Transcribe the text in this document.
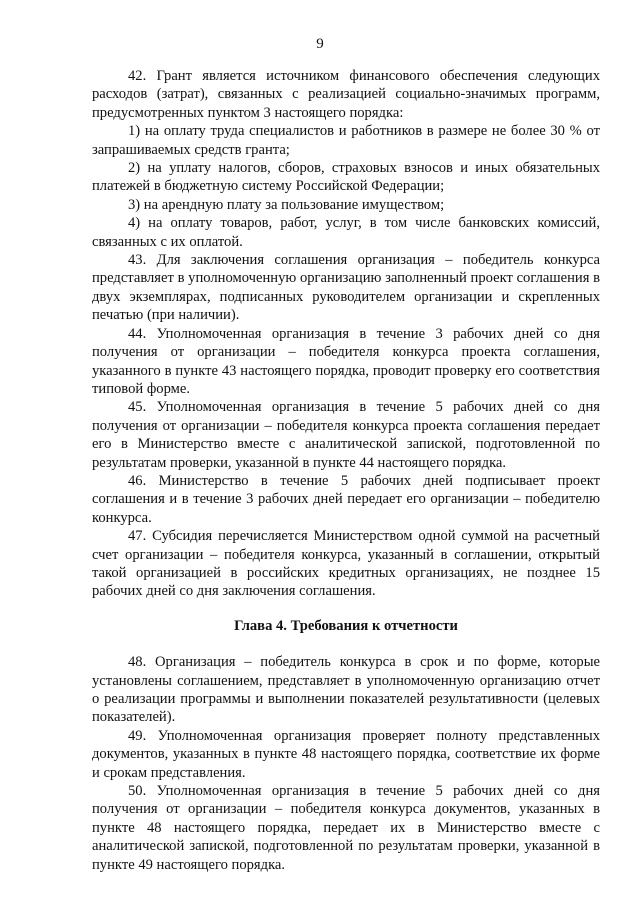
9

42. Грант является источником финансового обеспечения следующих расходов (затрат), связанных с реализацией социально-значимых программ, предусмотренных пунктом 3 настоящего порядка:

1) на оплату труда специалистов и работников в размере не более 30 % от запрашиваемых средств гранта;

2) на уплату налогов, сборов, страховых взносов и иных обязательных платежей в бюджетную систему Российской Федерации;

3) на арендную плату за пользование имуществом;

4) на оплату товаров, работ, услуг, в том числе банковских комиссий, связанных с их оплатой.

43. Для заключения соглашения организация – победитель конкурса представляет в уполномоченную организацию заполненный проект соглашения в двух экземплярах, подписанных руководителем организации и скрепленных печатью (при наличии).

44. Уполномоченная организация в течение 3 рабочих дней со дня получения от организации – победителя конкурса проекта соглашения, указанного в пункте 43 настоящего порядка, проводит проверку его соответствия типовой форме.

45. Уполномоченная организация в течение 5 рабочих дней со дня получения от организации – победителя конкурса проекта соглашения передает его в Министерство вместе с аналитической запиской, подготовленной по результатам проверки, указанной в пункте 44 настоящего порядка.

46. Министерство в течение 5 рабочих дней подписывает проект соглашения и в течение 3 рабочих дней передает его организации – победителю конкурса.

47. Субсидия перечисляется Министерством одной суммой на расчетный счет организации – победителя конкурса, указанный в соглашении, открытый такой организацией в российских кредитных организациях, не позднее 15 рабочих дней со дня заключения соглашения.

Глава 4. Требования к отчетности

48. Организация – победитель конкурса в срок и по форме, которые установлены соглашением, представляет в уполномоченную организацию отчет о реализации программы и выполнении показателей результативности (целевых показателей).

49. Уполномоченная организация проверяет полноту представленных документов, указанных в пункте 48 настоящего порядка, соответствие их форме и срокам представления.

50. Уполномоченная организация в течение 5 рабочих дней со дня получения от организации – победителя конкурса документов, указанных в пункте 48 настоящего порядка, передает их в Министерство вместе с аналитической запиской, подготовленной по результатам проверки, указанной в пункте 49 настоящего порядка.
